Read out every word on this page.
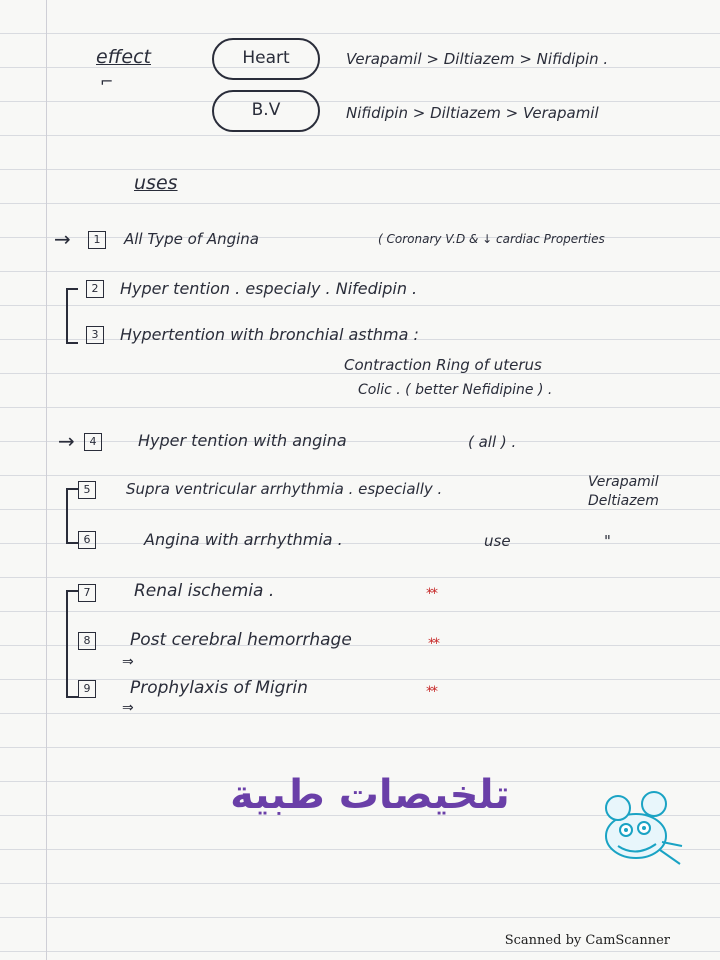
effect
⌐
Heart	Verapamil > Diltiazem > Nifidipin .
B.V	Nifidipin > Diltiazem > Verapamil
uses
→	1	All Type of Angina	( Coronary V.D & ↓ cardiac Properties
2	Hyper tention . especialy . Nifedipin .
3	Hypertention with bronchial asthma :
Contraction Ring of uterus
Colic . ( better Nefidipine ) .
→	4	Hyper tention with angina	( all ) .
5	Supra ventricular arrhythmia . especially .	Verapamil
Deltiazem
6	Angina with arrhythmia .	use	"
7	Renal ischemia .	**
8	Post cerebral hemorrhage	**
⇒
9	Prophylaxis of Migrin	**
⇒
تلخيصات طبية
Scanned by CamScanner
